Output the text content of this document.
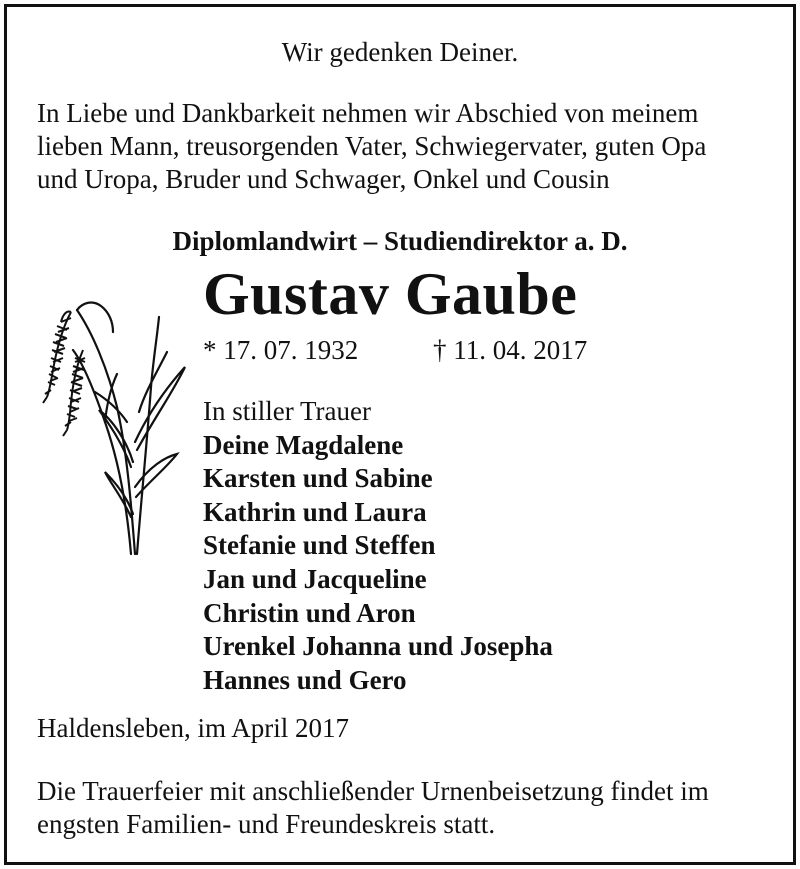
Wir gedenken Deiner.
In Liebe und Dankbarkeit nehmen wir Abschied von meinem
lieben Mann, treusorgenden Vater, Schwiegervater, guten Opa
und Uropa, Bruder und Schwager, Onkel und Cousin
Diplomlandwirt – Studiendirektor a. D.
Gustav Gaube
* 17. 07. 1932	† 11. 04. 2017
In stiller Trauer
Deine Magdalene
Karsten und Sabine
Kathrin und Laura
Stefanie und Steffen
Jan und Jacqueline
Christin und Aron
Urenkel Johanna und Josepha
Hannes und Gero
Haldensleben, im April 2017
Die Trauerfeier mit anschließender Urnenbeisetzung findet im
engsten Familien- und Freundeskreis statt.
